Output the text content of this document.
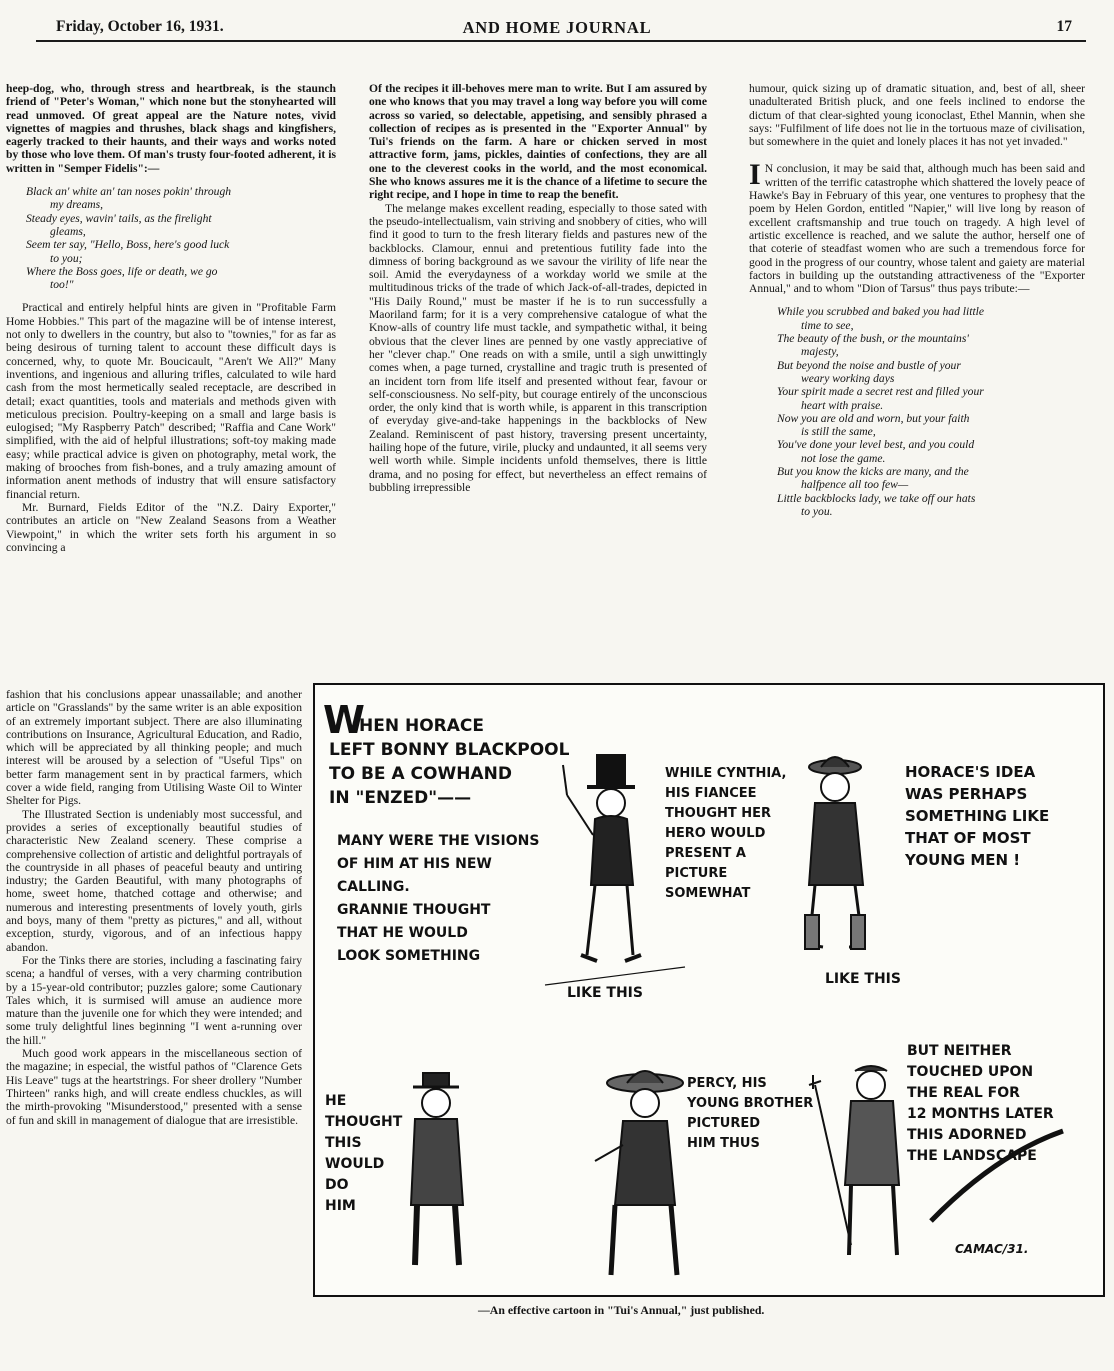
Friday, October 16, 1931.	AND HOME JOURNAL	17

heep-dog, who, through stress and heartbreak, is the staunch friend of "Peter's Woman," which none but the stonyhearted will read unmoved. Of great appeal are the Nature notes, vivid vignettes of magpies and thrushes, black shags and kingfishers, eagerly tracked to their haunts, and their ways and works noted by those who love them. Of man's trusty four-footed adherent, it is written in "Semper Fidelis":—

Black an' white an' tan noses pokin' through
my dreams,
Steady eyes, wavin' tails, as the firelight
gleams,
Seem ter say, "Hello, Boss, here's good luck
to you;
Where the Boss goes, life or death, we go
too!"

Practical and entirely helpful hints are given in "Profitable Farm Home Hobbies." This part of the magazine will be of intense interest, not only to dwellers in the country, but also to "townies," for as far as being desirous of turning talent to account these difficult days is concerned, why, to quote Mr. Boucicault, "Aren't We All?" Many inventions, and ingenious and alluring trifles, calculated to wile hard cash from the most hermetically sealed receptacle, are described in detail; exact quantities, tools and materials and methods given with meticulous precision. Poultry-keeping on a small and large basis is eulogised; "My Raspberry Patch" described; "Raffia and Cane Work" simplified, with the aid of helpful illustrations; soft-toy making made easy; while practical advice is given on photography, metal work, the making of brooches from fish-bones, and a truly amazing amount of information anent methods of industry that will ensure satisfactory financial return.

Mr. Burnard, Fields Editor of the "N.Z. Dairy Exporter," contributes an article on "New Zealand Seasons from a Weather Viewpoint," in which the writer sets forth his argument in so convincing a

fashion that his conclusions appear unassailable; and another article on "Grasslands" by the same writer is an able exposition of an extremely important subject. There are also illuminating contributions on Insurance, Agricultural Education, and Radio, which will be appreciated by all thinking people; and much interest will be aroused by a selection of "Useful Tips" on better farm management sent in by practical farmers, which cover a wide field, ranging from Utilising Waste Oil to Winter Shelter for Pigs.

The Illustrated Section is undeniably most successful, and provides a series of exceptionally beautiful studies of characteristic New Zealand scenery. These comprise a comprehensive collection of artistic and delightful portrayals of the countryside in all phases of peaceful beauty and untiring industry; the Garden Beautiful, with many photographs of home, sweet home, thatched cottage and otherwise; and numerous and interesting presentments of lovely youth, girls and boys, many of them "pretty as pictures," and all, without exception, sturdy, vigorous, and of an infectious happy abandon.

For the Tinks there are stories, including a fascinating fairy scena; a handful of verses, with a very charming contribution by a 15-year-old contributor; puzzles galore; some Cautionary Tales which, it is surmised will amuse an audience more mature than the juvenile one for which they were intended; and some truly delightful lines beginning "I went a-running over the hill."

Much good work appears in the miscellaneous section of the magazine; in especial, the wistful pathos of "Clarence Gets His Leave" tugs at the heartstrings. For sheer drollery "Number Thirteen" ranks high, and will create endless chuckles, as will the mirth-provoking "Misunderstood," presented with a sense of fun and skill in management of dialogue that are irresistible.

Of the recipes it ill-behoves mere man to write. But I am assured by one who knows that you may travel a long way before you will come across so varied, so delectable, appetising, and sensibly phrased a collection of recipes as is presented in the "Exporter Annual" by Tui's friends on the farm. A hare or chicken served in most attractive form, jams, pickles, dainties of confections, they are all one to the cleverest cooks in the world, and the most economical. She who knows assures me it is the chance of a lifetime to secure the right recipe, and I hope in time to reap the benefit.

The melange makes excellent reading, especially to those sated with the pseudo-intellectualism, vain striving and snobbery of cities, who will find it good to turn to the fresh literary fields and pastures new of the backblocks. Clamour, ennui and pretentious futility fade into the dimness of boring background as we savour the virility of life near the soil. Amid the everydayness of a workday world we smile at the multitudinous tricks of the trade of which Jack-of-all-trades, depicted in "His Daily Round," must be master if he is to run successfully a Maoriland farm; for it is a very comprehensive catalogue of what the Know-alls of country life must tackle, and sympathetic withal, it being obvious that the clever lines are penned by one vastly appreciative of her "clever chap." One reads on with a smile, until a sigh unwittingly comes when, a page turned, crystalline and tragic truth is presented of an incident torn from life itself and presented without fear, favour or self-consciousness. No self-pity, but courage entirely of the unconscious order, the only kind that is worth while, is apparent in this transcription of everyday give-and-take happenings in the backblocks of New Zealand. Reminiscent of past history, traversing present uncertainty, hailing hope of the future, virile, plucky and undaunted, it all seems very well worth while. Simple incidents unfold themselves, there is little drama, and no posing for effect, but nevertheless an effect remains of bubbling irrepressible

humour, quick sizing up of dramatic situation, and, best of all, sheer unadulterated British pluck, and one feels inclined to endorse the dictum of that clear-sighted young iconoclast, Ethel Mannin, when she says: "Fulfilment of life does not lie in the tortuous maze of civilisation, but somewhere in the quiet and lonely places it has not yet invaded."

I N conclusion, it may be said that, although much has been said and written of the terrific catastrophe which shattered the lovely peace of Hawke's Bay in February of this year, one ventures to prophesy that the poem by Helen Gordon, entitled "Napier," will live long by reason of excellent craftsmanship and true touch on tragedy. A high level of artistic excellence is reached, and we salute the author, herself one of that coterie of steadfast women who are such a tremendous force for good in the progress of our country, whose talent and gaiety are material factors in building up the outstanding attractiveness of the "Exporter Annual," and to whom "Dion of Tarsus" thus pays tribute:—

While you scrubbed and baked you had little
time to see,
The beauty of the bush, or the mountains'
majesty,
But beyond the noise and bustle of your
weary working days
Your spirit made a secret rest and filled your
heart with praise.
Now you are old and worn, but your faith
is still the same,
You've done your level best, and you could
not lose the game.
But you know the kicks are many, and the
halfpence all too few—
Little backblocks lady, we take off our hats
to you.
W
HEN HORACE
LEFT BONNY BLACKPOOL
TO BE A COWHAND
IN "ENZED"——
MANY WERE THE VISIONS
OF HIM AT HIS NEW
CALLING.
GRANNIE THOUGHT
THAT HE WOULD
LOOK SOMETHING
LIKE THIS
WHILE CYNTHIA,
HIS FIANCEE
THOUGHT HER
HERO WOULD
PRESENT A
PICTURE
SOMEWHAT
LIKE THIS
HORACE'S IDEA
WAS PERHAPS
SOMETHING LIKE
THAT OF MOST
YOUNG MEN !
HE
THOUGHT
THIS
WOULD
DO
HIM
PERCY, HIS
YOUNG BROTHER
PICTURED
HIM THUS
BUT NEITHER
TOUCHED UPON
THE REAL FOR
12 MONTHS LATER
THIS ADORNED
THE LANDSCAPE
CAMAC/31.
—An effective cartoon in "Tui's Annual," just published.
